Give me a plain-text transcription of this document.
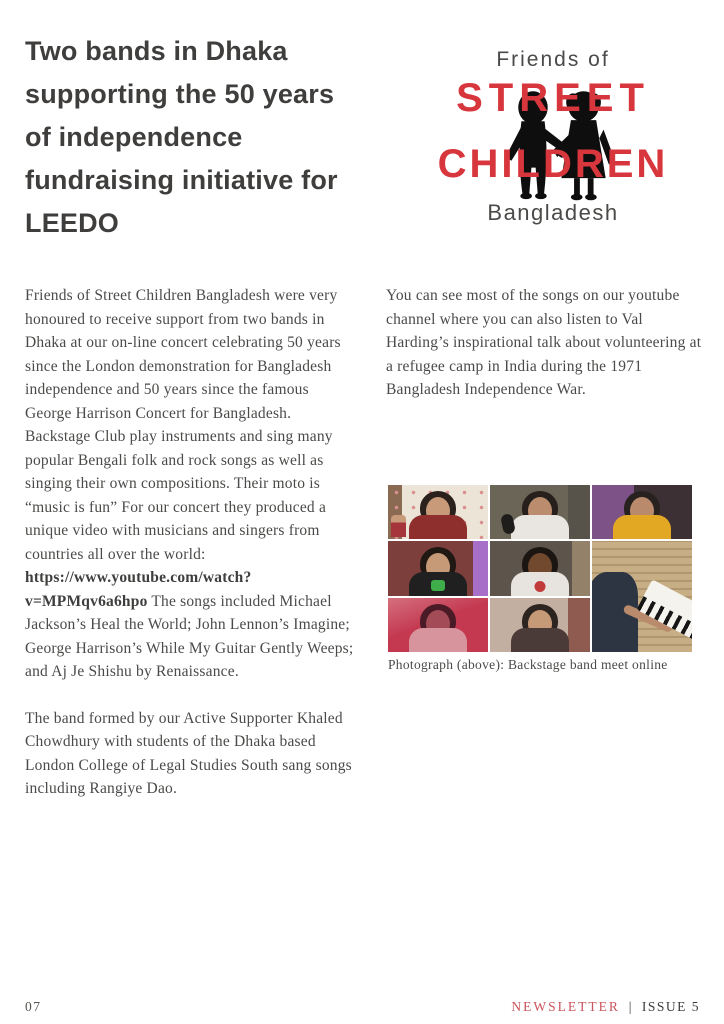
Two bands in Dhaka supporting the 50 years of independence fundraising initiative for LEEDO
Friends of
STREET
CHILDREN
Bangladesh

Friends of Street Children Bangladesh were very honoured to receive support from two bands in Dhaka at our on-line concert celebrating 50 years since the London demonstration for Bangladesh independence and 50 years since the famous George Harrison Concert for Bangladesh. Backstage Club play instruments and sing many popular Bengali folk and rock songs as well as singing their own compositions. Their moto is “music is fun” For our concert they produced a unique video with musicians and singers from countries all over the world: https://www.youtube.com/watch?v=MPMqv6a6hpo The songs included Michael Jackson’s Heal the World; John Lennon’s Imagine; George Harrison’s While My Guitar Gently Weeps; and Aj Je Shishu by Renaissance.

The band formed by our Active Supporter Khaled Chowdhury with students of the Dhaka based London College of Legal Studies South sang songs including Rangiye Dao.

You can see most of the songs on our youtube channel where you can also listen to Val Harding’s inspirational talk about volunteering at a refugee camp in India during the 1971 Bangladesh Independence War.

Photograph (above): Backstage band meet online
07	NEWSLETTER | ISSUE 5
